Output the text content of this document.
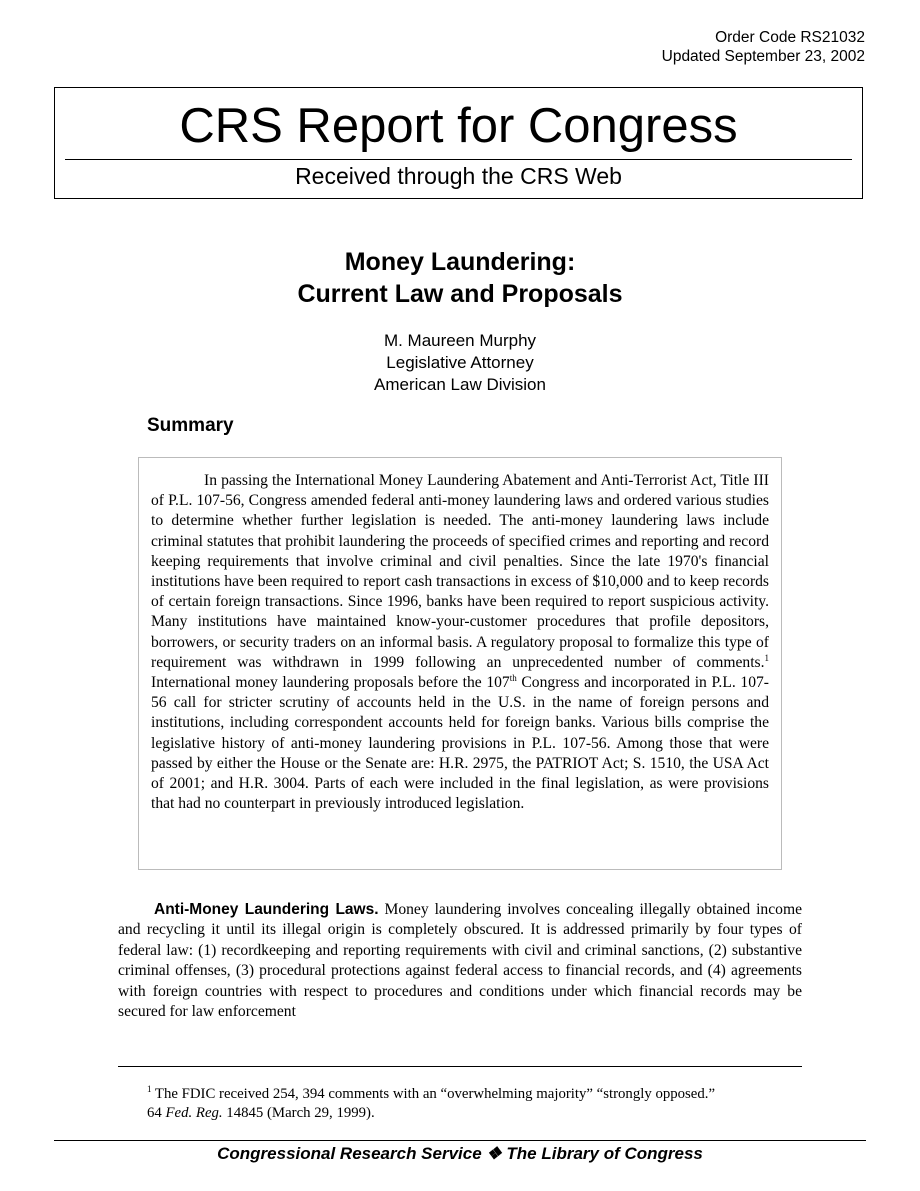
Order Code RS21032
Updated September 23, 2002
CRS Report for Congress
Received through the CRS Web
Money Laundering:
Current Law and Proposals
M. Maureen Murphy
Legislative Attorney
American Law Division
Summary

In passing the International Money Laundering Abatement and Anti-Terrorist Act, Title III of P.L. 107-56, Congress amended federal anti-money laundering laws and ordered various studies to determine whether further legislation is needed. The anti-money laundering laws include criminal statutes that prohibit laundering the proceeds of specified crimes and reporting and record keeping requirements that involve criminal and civil penalties. Since the late 1970's financial institutions have been required to report cash transactions in excess of $10,000 and to keep records of certain foreign transactions. Since 1996, banks have been required to report suspicious activity. Many institutions have maintained know-your-customer procedures that profile depositors, borrowers, or security traders on an informal basis. A regulatory proposal to formalize this type of requirement was withdrawn in 1999 following an unprecedented number of comments.$^1$ International money laundering proposals before the 107th Congress and incorporated in P.L. 107-56 call for stricter scrutiny of accounts held in the U.S. in the name of foreign persons and institutions, including correspondent accounts held for foreign banks. Various bills comprise the legislative history of anti-money laundering provisions in P.L. 107-56. Among those that were passed by either the House or the Senate are: H.R. 2975, the PATRIOT Act; S. 1510, the USA Act of 2001; and H.R. 3004. Parts of each were included in the final legislation, as were provisions that had no counterpart in previously introduced legislation.

Anti-Money Laundering Laws. Money laundering involves concealing illegally obtained income and recycling it until its illegal origin is completely obscured. It is addressed primarily by four types of federal law: (1) recordkeeping and reporting requirements with civil and criminal sanctions, (2) substantive criminal offenses, (3) procedural protections against federal access to financial records, and (4) agreements with foreign countries with respect to procedures and conditions under which financial records may be secured for law enforcement

$^1$ The FDIC received 254, 394 comments with an “overwhelming majority” “strongly opposed.”
64 Fed. Reg. 14845 (March 29, 1999).
Congressional Research Service ❖ The Library of Congress
